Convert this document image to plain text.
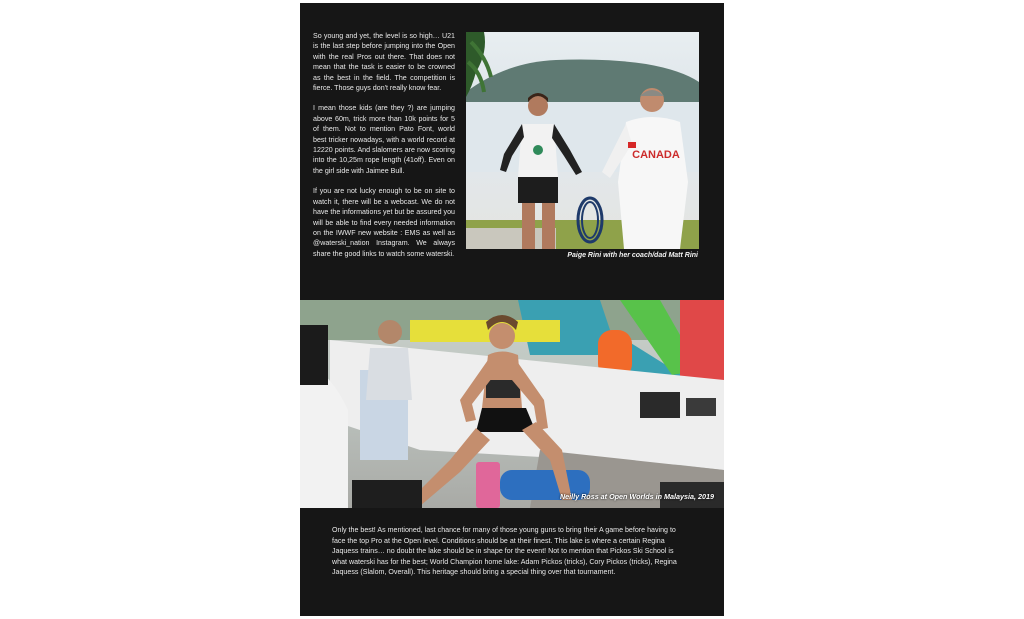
So young and yet, the level is so high… U21 is the last step before jumping into the Open with the real Pros out there. That does not mean that the task is easier to be crowned as the best in the field. The competition is fierce. Those guys don't really know fear.

I mean those kids (are they ?) are jumping above 60m, trick more than 10k points for 5 of them. Not to mention Pato Font, world best tricker nowadays, with a world record at 12220 points. And slalomers are now scoring into the 10,25m rope length (41off). Even on the girl side with Jaimee Bull.

If you are not lucky enough to be on site to watch it, there will be a webcast. We do not have the informations yet but be assured you will be able to find every needed information on the IWWF new website : EMS as well as @waterski_nation Instagram. We always share the good links to watch some waterski.

CANADA
Paige Rini with her coach/dad Matt Rini
Neilly Ross at Open Worlds in Malaysia, 2019
Only the best! As mentioned, last chance for many of those young guns to bring their A game before having to face the top Pro at the Open level. Conditions should be at their finest. This lake is where a certain Regina Jaquess trains… no doubt the lake should be in shape for the event! Not to mention that Pickos Ski School is what waterski has for the best; World Champion home lake: Adam Pickos (tricks), Cory Pickos (tricks), Regina Jaquess (Slalom, Overall). This heritage should bring a special thing over that tournament.
